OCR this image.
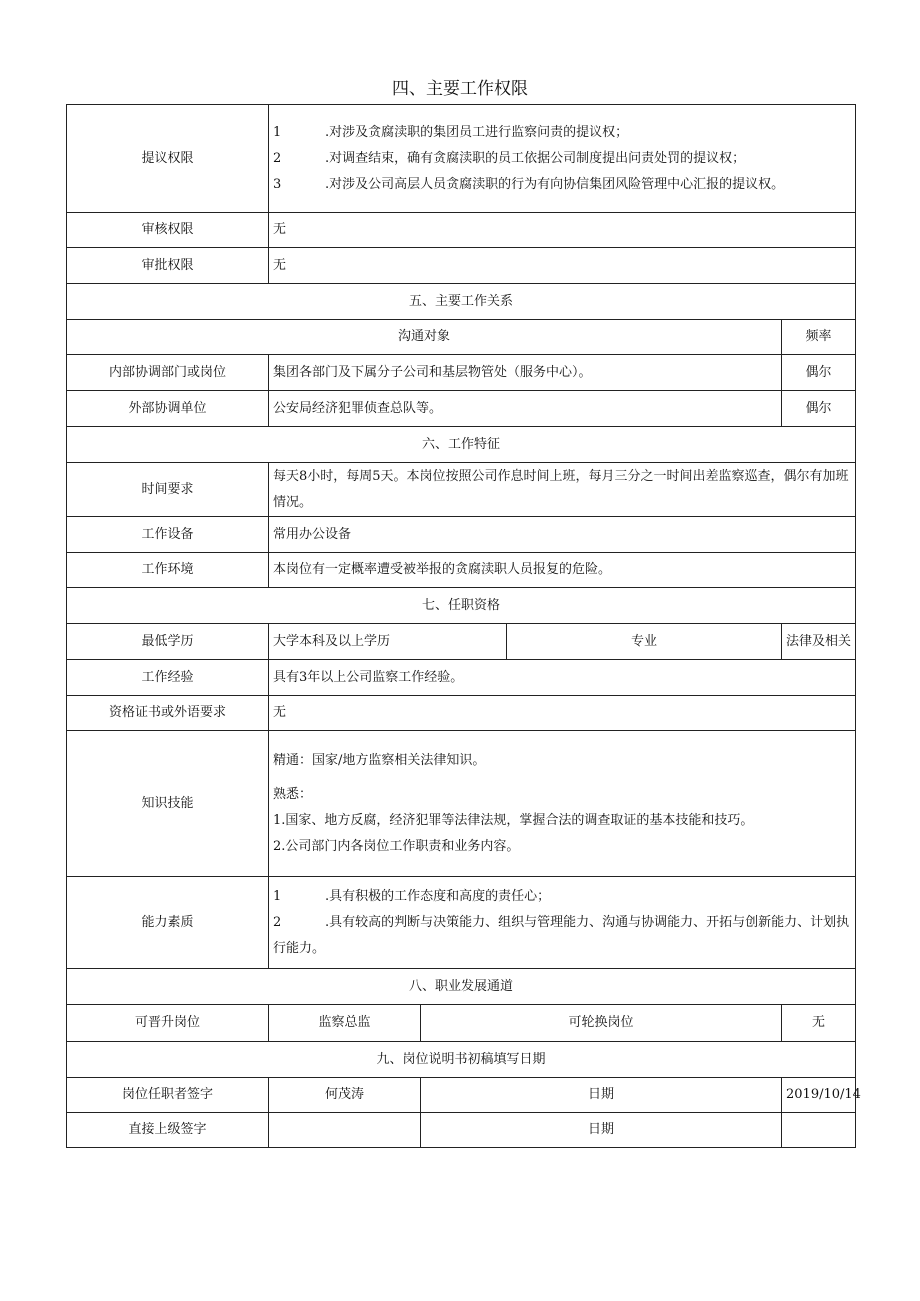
四、主要工作权限
提议权限	1 .对涉及贪腐渎职的集团员工进行监察问责的提议权；
2 .对调查结束，确有贪腐渎职的员工依据公司制度提出问责处罚的提议权；
3 .对涉及公司高层人员贪腐渎职的行为有向协信集团风险管理中心汇报的提议权。			

审核权限	无			
审批权限	无			
五、主要工作关系				
沟通对象				频率
内部协调部门或岗位	集团各部门及下属分子公司和基层物管处（服务中心）。			偶尔
外部协调单位	公安局经济犯罪侦查总队等。			偶尔
六、工作特征				
时间要求	每天8小时，每周5天。本岗位按照公司作息时间上班，每月三分之一时间出差监察巡查，偶尔有加班情况。			
工作设备	常用办公设备			
工作环境	本岗位有一定概率遭受被举报的贪腐渎职人员报复的危险。			
七、任职资格				
最低学历	大学本科及以上学历		专业	法律及相关
工作经验	具有3年以上公司监察工作经验。			
资格证书或外语要求	无			
知识技能	精通：国家/地方监察相关法律知识。
熟悉：
1.国家、地方反腐，经济犯罪等法律法规，掌握合法的调查取证的基本技能和技巧。
2.公司部门内各岗位工作职责和业务内容。			

能力素质	1 .具有积极的工作态度和高度的责任心；
2 .具有较高的判断与决策能力、组织与管理能力、沟通与协调能力、开拓与创新能力、计划执行能力。			

八、职业发展通道				
可晋升岗位	监察总监	可轮换岗位		无
九、岗位说明书初稿填写日期				
岗位任职者签字	何茂涛	日期		2019/10/14
直接上级签字		日期		
